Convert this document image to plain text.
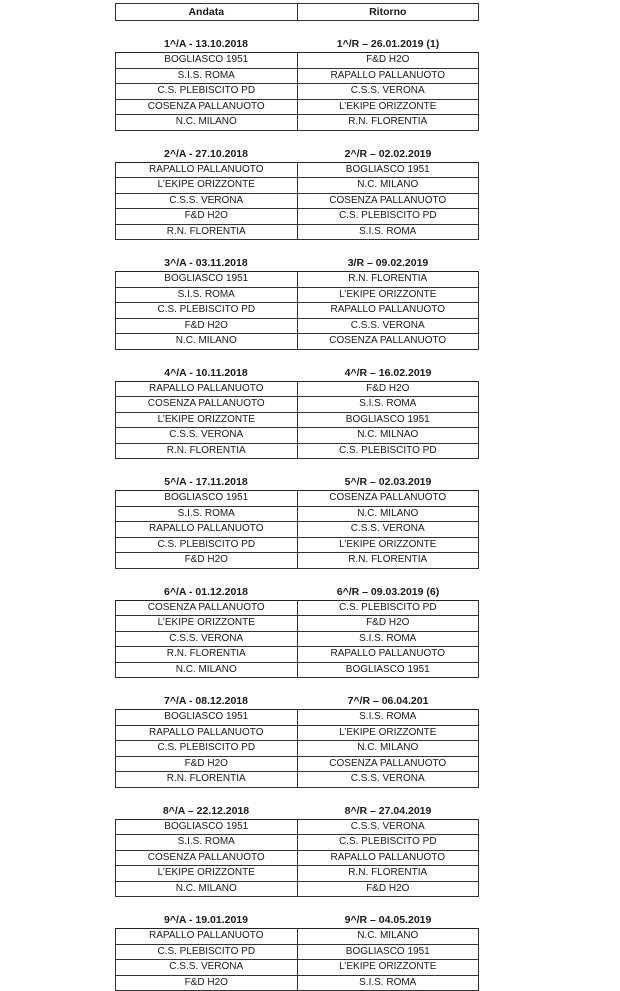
Andata	Ritorno
1^/A - 13.10.2018	1^/R – 26.01.2019 (1)
BOGLIASCO 1951	F&D H2O
S.I.S. ROMA	RAPALLO PALLANUOTO
C.S. PLEBISCITO PD	C.S.S. VERONA
COSENZA PALLANUOTO	L’EKIPE ORIZZONTE
N.C. MILANO	R.N. FLORENTIA
2^/A - 27.10.2018	2^/R – 02.02.2019
RAPALLO PALLANUOTO	BOGLIASCO 1951
L’EKIPE ORIZZONTE	N.C. MILANO
C.S.S. VERONA	COSENZA PALLANUOTO
F&D H2O	C.S. PLEBISCITO PD
R.N. FLORENTIA	S.I.S. ROMA
3^/A - 03.11.2018	3/R – 09.02.2019
BOGLIASCO 1951	R.N. FLORENTIA
S.I.S. ROMA	L’EKIPE ORIZZONTE
C.S. PLEBISCITO PD	RAPALLO PALLANUOTO
F&D H2O	C.S.S. VERONA
N.C. MILANO	COSENZA PALLANUOTO
4^/A - 10.11.2018	4^/R – 16.02.2019
RAPALLO PALLANUOTO	F&D H2O
COSENZA PALLANUOTO	S.I.S. ROMA
L’EKIPE ORIZZONTE	BOGLIASCO 1951
C.S.S. VERONA	N.C. MILNAO
R.N. FLORENTIA	C.S. PLEBISCITO PD
5^/A - 17.11.2018	5^/R – 02.03.2019
BOGLIASCO 1951	COSENZA PALLANUOTO
S.I.S. ROMA	N.C. MILANO
RAPALLO PALLANUOTO	C.S.S. VERONA
C.S. PLEBISCITO PD	L’EKIPE ORIZZONTE
F&D H2O	R.N. FLORENTIA
6^/A - 01.12.2018	6^/R – 09.03.2019 (6)
COSENZA PALLANUOTO	C.S. PLEBISCITO PD
L’EKIPE ORIZZONTE	F&D H2O
C.S.S. VERONA	S.I.S. ROMA
R.N. FLORENTIA	RAPALLO PALLANUOTO
N.C. MILANO	BOGLIASCO 1951
7^/A - 08.12.2018	7^/R – 06.04.201
BOGLIASCO 1951	S.I.S. ROMA
RAPALLO PALLANUOTO	L’EKIPE ORIZZONTE
C.S. PLEBISCITO PD	N.C. MILANO
F&D H2O	COSENZA PALLANUOTO
R.N. FLORENTIA	C.S.S. VERONA
8^/A – 22.12.2018	8^/R – 27.04.2019
BOGLIASCO 1951	C.S.S. VERONA
S.I.S. ROMA	C.S. PLEBISCITO PD
COSENZA PALLANUOTO	RAPALLO PALLANUOTO
L’EKIPE ORIZZONTE	R.N. FLORENTIA
N.C. MILANO	F&D H2O
9^/A - 19.01.2019	9^/R – 04.05.2019
RAPALLO PALLANUOTO	N.C. MILANO
C.S. PLEBISCITO PD	BOGLIASCO 1951
C.S.S. VERONA	L’EKIPE ORIZZONTE
F&D H2O	S.I.S. ROMA
